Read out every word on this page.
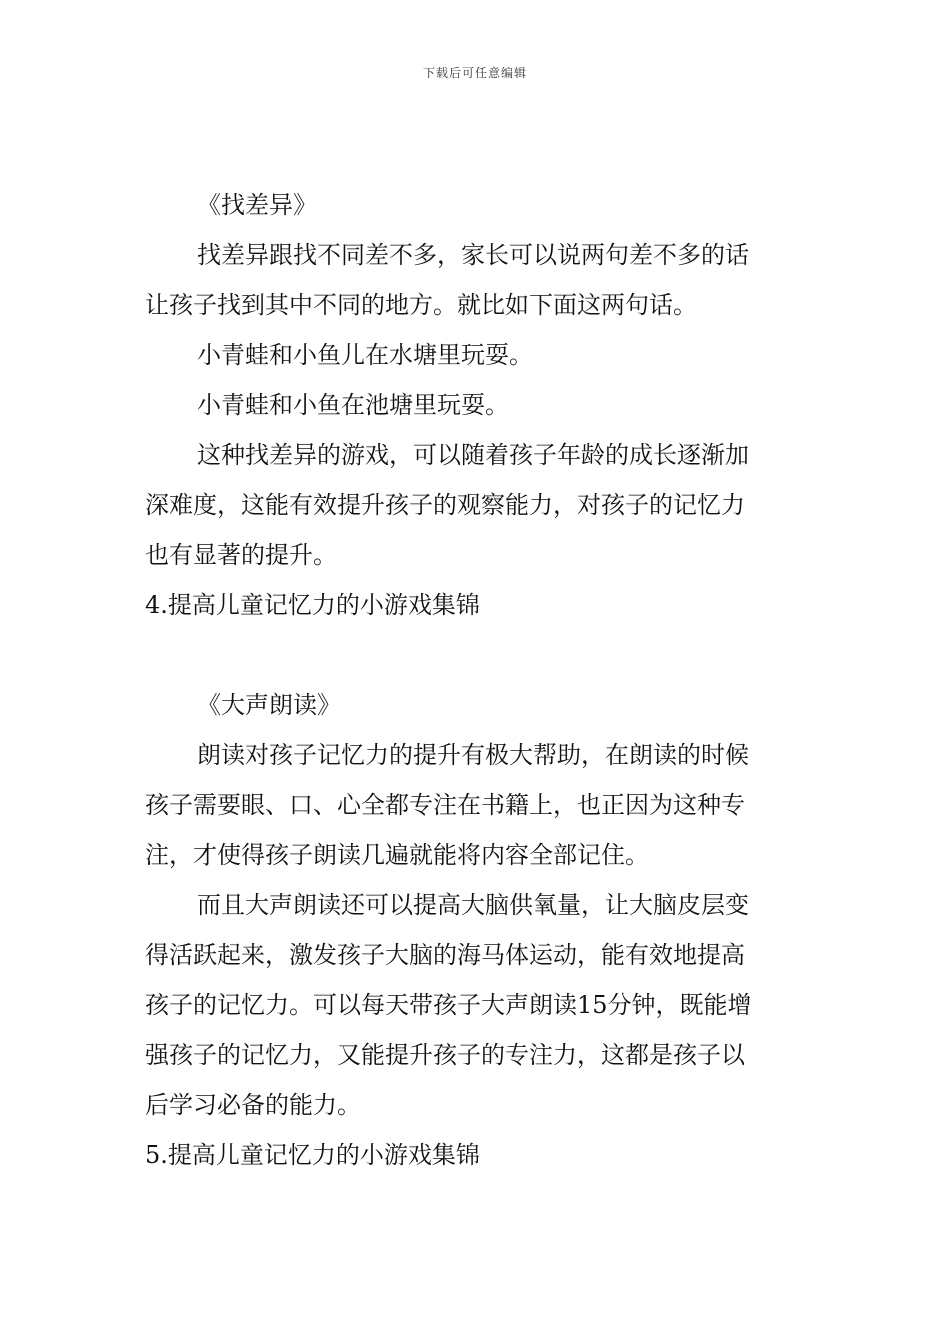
下载后可任意编辑

《找差异》

找差异跟找不同差不多，家长可以说两句差不多的话

让孩子找到其中不同的地方。就比如下面这两句话。

小青蛙和小鱼儿在水塘里玩耍。

小青蛙和小鱼在池塘里玩耍。

这种找差异的游戏，可以随着孩子年龄的成长逐渐加

深难度，这能有效提升孩子的观察能力，对孩子的记忆力

也有显著的提升。

4.提高儿童记忆力的小游戏集锦

《大声朗读》

朗读对孩子记忆力的提升有极大帮助，在朗读的时候

孩子需要眼、口、心全都专注在书籍上，也正因为这种专

注，才使得孩子朗读几遍就能将内容全部记住。

而且大声朗读还可以提高大脑供氧量，让大脑皮层变

得活跃起来，激发孩子大脑的海马体运动，能有效地提高

孩子的记忆力。可以每天带孩子大声朗读15分钟，既能增

强孩子的记忆力，又能提升孩子的专注力，这都是孩子以

后学习必备的能力。

5.提高儿童记忆力的小游戏集锦
